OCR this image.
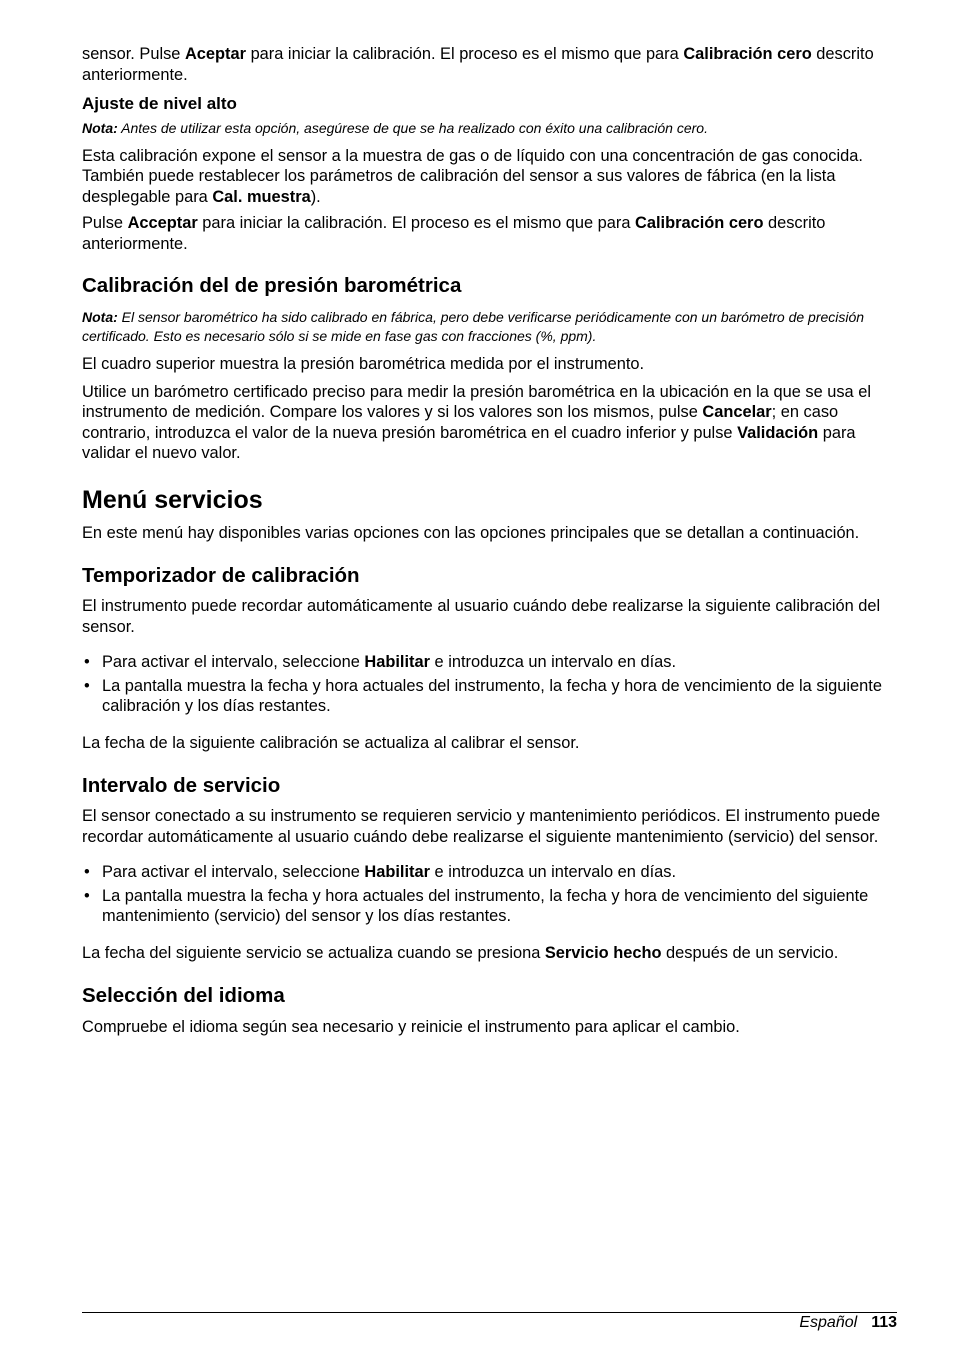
sensor. Pulse Aceptar para iniciar la calibración. El proceso es el mismo que para Calibración cero descrito anteriormente.

Ajuste de nivel alto

Nota: Antes de utilizar esta opción, asegúrese de que se ha realizado con éxito una calibración cero.

Esta calibración expone el sensor a la muestra de gas o de líquido con una concentración de gas conocida. También puede restablecer los parámetros de calibración del sensor a sus valores de fábrica (en la lista desplegable para Cal. muestra).

Pulse Acceptar para iniciar la calibración. El proceso es el mismo que para Calibración cero descrito anteriormente.

Calibración del de presión barométrica

Nota: El sensor barométrico ha sido calibrado en fábrica, pero debe verificarse periódicamente con un barómetro de precisión certificado. Esto es necesario sólo si se mide en fase gas con fracciones (%, ppm).

El cuadro superior muestra la presión barométrica medida por el instrumento.

Utilice un barómetro certificado preciso para medir la presión barométrica en la ubicación en la que se usa el instrumento de medición. Compare los valores y si los valores son los mismos, pulse Cancelar; en caso contrario, introduzca el valor de la nueva presión barométrica en el cuadro inferior y pulse Validación para validar el nuevo valor.

Menú servicios

En este menú hay disponibles varias opciones con las opciones principales que se detallan a continuación.

Temporizador de calibración

El instrumento puede recordar automáticamente al usuario cuándo debe realizarse la siguiente calibración del sensor.

• Para activar el intervalo, seleccione Habilitar e introduzca un intervalo en días.
• La pantalla muestra la fecha y hora actuales del instrumento, la fecha y hora de vencimiento de la siguiente calibración y los días restantes.

La fecha de la siguiente calibración se actualiza al calibrar el sensor.

Intervalo de servicio

El sensor conectado a su instrumento se requieren servicio y mantenimiento periódicos. El instrumento puede recordar automáticamente al usuario cuándo debe realizarse el siguiente mantenimiento (servicio) del sensor.

• Para activar el intervalo, seleccione Habilitar e introduzca un intervalo en días.
• La pantalla muestra la fecha y hora actuales del instrumento, la fecha y hora de vencimiento del siguiente mantenimiento (servicio) del sensor y los días restantes.

La fecha del siguiente servicio se actualiza cuando se presiona Servicio hecho después de un servicio.

Selección del idioma

Compruebe el idioma según sea necesario y reinicie el instrumento para aplicar el cambio.

Español 113
